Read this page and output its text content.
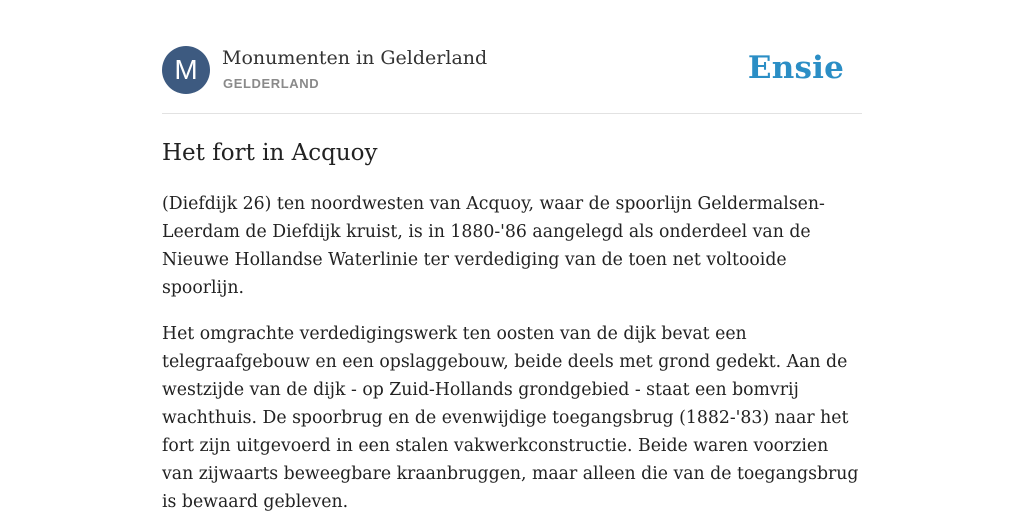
M	Monumenten in Gelderland
GELDERLAND	Ensie
Het fort in Acquoy

(Diefdijk 26) ten noordwesten van Acquoy, waar de spoorlijn Geldermalsen-Leerdam de Diefdijk kruist, is in 1880-'86 aangelegd als onderdeel van de Nieuwe Hollandse Waterlinie ter verdediging van de toen net voltooide spoorlijn.

Het omgrachte verdedigingswerk ten oosten van de dijk bevat een telegraafgebouw en een opslaggebouw, beide deels met grond gedekt. Aan de westzijde van de dijk - op Zuid-Hollands grondgebied - staat een bomvrij wachthuis. De spoorbrug en de evenwijdige toegangsbrug (1882-'83) naar het fort zijn uitgevoerd in een stalen vakwerkconstructie. Beide waren voorzien van zijwaarts beweegbare kraanbruggen, maar alleen die van de toegangsbrug is bewaard gebleven.
